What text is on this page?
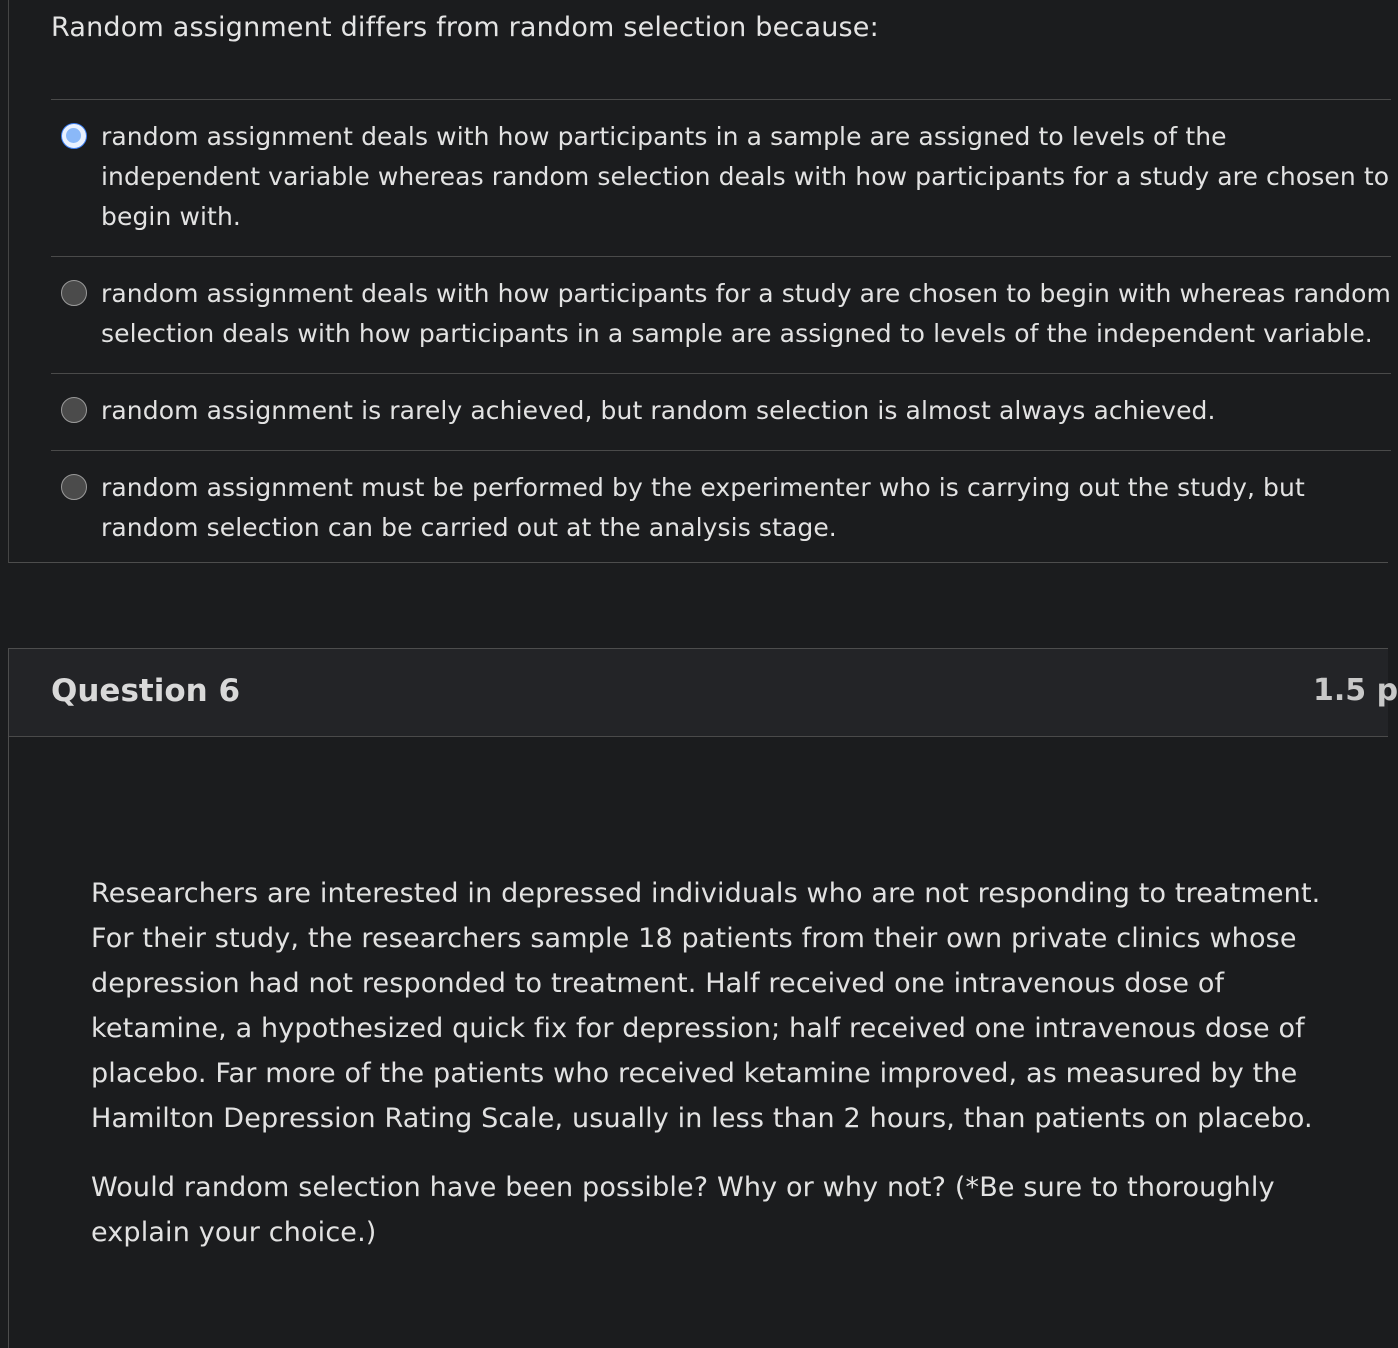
Random assignment differs from random selection because:
random assignment deals with how participants in a sample are assigned to levels of the independent variable whereas random selection deals with how participants for a study are chosen to begin with.
random assignment deals with how participants for a study are chosen to begin with whereas random selection deals with how participants in a sample are assigned to levels of the independent variable.
random assignment is rarely achieved, but random selection is almost always achieved.
random assignment must be performed by the experimenter who is carrying out the study, but random selection can be carried out at the analysis stage.
Question 6	1.5 p

Researchers are interested in depressed individuals who are not responding to treatment. For their study, the researchers sample 18 patients from their own private clinics whose depression had not responded to treatment. Half received one intravenous dose of ketamine, a hypothesized quick fix for depression; half received one intravenous dose of placebo. Far more of the patients who received ketamine improved, as measured by the Hamilton Depression Rating Scale, usually in less than 2 hours, than patients on placebo.

Would random selection have been possible? Why or why not? (*Be sure to thoroughly explain your choice.)
